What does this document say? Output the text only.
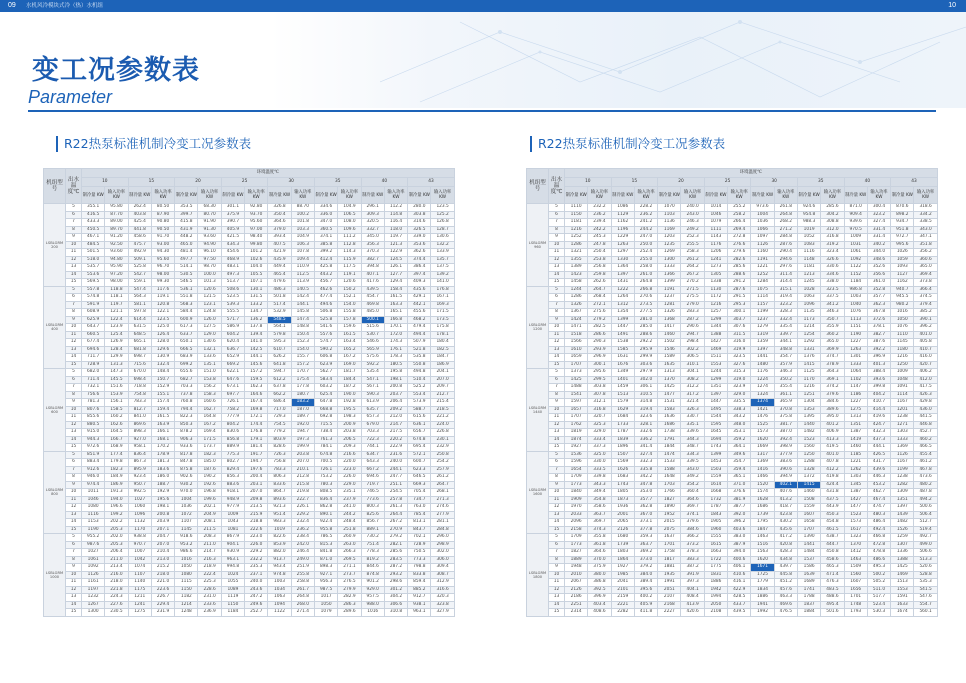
09 水机风冷模块式冷（热）水机组	10
变工况参数表
Parameter
R22热泵标准机制冷变工况参数表	R22热泵标准机制冷变工况参数表
机组型号	出水温度℃	环境温度℃															
		10		15		20		25		30		35		40		43	
		制冷量 KW	输入功率 KW	制冷量 KW	输入功率 KW	制冷量 KW	输入功率 KW	制冷量 KW	输入功率 KW	制冷量 KW	输入功率 KW	制冷量 KW	输入功率 KW	制冷量 KW	输入功率 KW	制冷量 KW	输入功率 KW
LSBLGRM 200	5	355.1	95.80	262.4	80.50	353.5	68.30	301.1	92.80	326.8	88.70	334.6	104.9	296.1	112.2	280.0	123.5
	6	416.5	87.70	403.8	87.90	399.7	80.70	375.9	93.70	350.4	100.2	336.0	106.5	309.3	114.8	303.8	125.2
	7	433.3	89.00	425.4	90.80	415.8	91.90	390.7	95.60	364.6	101.8	347.0	108.0	320.5	116.4	314.6	126.8
	8	450.5	89.70	441.8	90.50	431.9	91.30	405.9	97.00	379.0	103.3	360.5	109.6	332.7	118.0	326.5	128.7
	9	467.1	91.20	458.6	91.70	448.2	93.60	421.5	98.40	393.4	104.9	374.1	111.2	345.0	119.7	339.0	130.6
	10	484.5	92.50	475.7	93.00	465.0	94.90	434.3	99.80	407.5	106.3	385.8	112.8	356.3	121.3	353.6	132.2
	11	501.5	93.60	492.9	94.30	481.4	96.10	454.6	101.2	421.9	107.8	399.2	114.3	370.3	122.9	362.6	133.9
	12	518.0	94.80	509.1	95.60	497.7	97.50	468.9	102.6	435.9	109.4	412.4	115.9	382.7	124.5	374.4	135.7
	13	535.7	95.90	525.8	96.70	514.1	98.70	483.1	104.0	449.4	110.9	425.8	117.5	394.8	126.1	386.4	137.5
	14	553.6	97.20	542.7	98.00	530.5	100.0	497.3	105.5	465.4	112.5	443.2	119.1	407.1	127.7	397.4	139.2
	15	569.5	98.00	559.1	99.30	546.5	101.3	513.7	107.1	479.6	113.9	456.7	120.6	417.6	129.4	409.3	141.0
LSBLGRM 400	5	557.8	118.8	547.4	117.6	536.1	120.6	508.6	130.1	486.3	140.5	462.6	150.2	439.5	158.4	435.6	176.8
	6	574.8	118.1	564.3	119.1	551.8	121.5	523.5	131.5	501.8	142.4	477.4	152.1	454.7	161.5	429.1	167.1
	7	591.9	119.7	581.1	120.8	568.3	123.1	539.3	133.2	517.4	144.1	494.6	154.0	469.8	163.3	442.1	169.3
	8	608.9	121.1	597.8	122.1	584.4	124.8	555.5	134.7	532.9	145.8	506.8	155.8	485.0	165.1	455.6	171.5
	9	625.9	122.4	614.4	123.5	600.9	126.0	571.7	136.2	548.5	147.4	525.8	157.8	500.1	166.8	468.2	173.5
	10	643.7	123.9	631.5	125.0	617.3	127.5	586.9	137.8	564.1	148.8	541.6	159.6	515.6	170.1	479.4	175.8
	11	660.5	125.4	648.5	126.4	633.7	129.0	604.2	139.4	579.8	150.4	557.6	161.5	530.7	172.0	494.4	178.1
	12	677.4	126.9	665.1	128.0	650.1	130.6	620.4	141.0	595.3	152.3	574.7	163.4	546.6	174.3	507.9	180.4
	13	694.6	128.4	681.8	129.6	666.5	132.1	636.7	142.5	610.7	154.0	590.2	165.2	565.9	176.1	521.8	182.5
	14	711.7	129.9	698.7	130.9	683.9	133.6	652.9	144.1	626.2	155.7	606.8	167.2	575.6	178.3	535.8	184.7
	15	728.9	131.3	715.6	132.4	699.2	135.1	669.2	145.6	641.8	157.2	623.9	169.0	592.2	180.5	550.8	186.9
LSBLGRM 600	5	682.0	147.3	670.0	148.4	655.6	151.0	622.1	157.2	594.7	170.7	562.7	181.7	535.4	195.8	494.8	204.1
	6	711.4	145.5	698.4	150.7	682.7	153.8	647.6	159.5	612.2	175.4	583.4	184.4	547.1	198.1	510.4	207.0
	7	732.1	151.6	718.8	152.9	703.3	156.2	673.1	162.3	637.8	177.8	603.2	187.2	567.1	200.8	525.2	209.7
	8	756.6	153.9	754.8	155.1	737.8	158.3	697.7	164.6	662.2	180.7	625.4	190.0	590.3	203.7	553.4	212.7
	9	781.3	156.1	783.3	157.4	760.8	160.6	726.1	167.4	686.4	183.2	647.8	192.8	613.9	206.4	573.9	215.4
	10	807.6	158.5	812.7	159.4	794.4	162.7	758.2	169.8	717.0	187.0	668.8	195.5	635.7	209.2	588.7	218.5
	11	855.6	160.2	841.0	161.5	822.3	164.8	777.9	172.1	729.3	189.7	692.8	198.3	657.3	212.0	615.6	221.2
	12	880.5	162.6	869.6	163.9	850.3	167.2	804.2	174.4	754.5	192.0	715.5	200.9	679.0	214.7	636.1	224.0
	13	915.0	164.5	898.3	166.1	878.2	169.4	830.6	176.8	779.2	194.7	738.4	203.8	703.3	217.5	656.7	226.8
	14	944.3	166.7	927.0	168.1	906.3	171.5	856.8	179.1	803.9	197.3	761.3	206.5	722.3	220.2	674.8	230.1
	15	972.6	168.9	958.1	170.2	933.6	173.7	889.9	181.4	828.6	199.9	784.1	209.3	744.1	222.9	695.4	232.9
LSBLGRM 800	5	851.9	177.4	836.4	178.9	817.8	182.3	775.3	191.7	726.3	203.8	674.8	216.6	634.7	231.6	572.1	250.8
	6	883.4	179.8	867.3	181.3	847.8	185.0	802.7	194.7	756.8	207.0	700.5	220.0	643.3	240.0	600.7	254.2
	7	912.6	182.3	895.9	183.6	875.8	187.6	829.4	197.6	783.3	210.1	726.1	223.0	667.2	244.1	623.3	257.9
	8	946.0	184.9	923.4	186.0	902.6	190.2	856.3	200.4	806.3	212.8	753.2	226.0	694.6	247.7	646.5	261.2
	9	974.4	186.9	950.7	188.7	930.2	192.6	883.6	203.1	833.6	215.8	780.3	229.0	719.7	251.1	669.3	264.7
	10	1011	191.3	992.5	192.9	970.0	196.8	918.1	207.0	864.7	219.8	808.5	235.1	746.5	254.5	705.4	268.1
	11	1046	194.0	1027	195.6	1004	199.6	948.9	209.8	893.6	222.7	836.4	237.9	773.6	257.8	734.7	271.3
	12	1080	196.6	1060	198.1	1036	202.1	977.9	213.5	921.3	226.1	862.8	241.0	800.3	261.3	763.0	274.6
	13	1116	199.2	1096	200.8	1072	204.9	1009	215.9	951.4	229.2	890.1	244.2	825.6	264.4	785.4	277.9
	14	1153	202.2	1132	203.9	1107	208.1	1043	218.8	983.3	232.4	922.4	248.4	856.7	267.2	813.1	281.1
	15	1190	205.3	1170	207.1	1145	211.5	1081	222.6	1019	236.2	955.8	251.8	889.1	270.9	843.7	284.8
LSBLGRM 1000	5	955.2	202.0	938.8	204.7	918.6	208.3	867.9	223.0	822.6	238.4	786.5	260.9	730.2	279.2	702.1	296.0
	6	987.6	205.3	970.7	207.0	953.2	211.0	904.1	226.0	853.9	242.0	815.3	263.0	751.4	282.1	728.9	298.9
	7	1027	206.4	1007	210.4	986.6	214.7	930.9	229.2	882.0	246.4	841.8	266.3	778.3	285.6	750.5	302.0
	8	1061	211.0	1042	213.0	1016	216.3	963.1	232.2	913.7	249.0	871.0	269.5	819.2	283.5	773.3	306.0
	9	1092	213.4	1074	215.2	1050	218.9	994.8	235.3	943.4	251.9	898.3	271.1	844.6	287.2	798.8	309.4
	10	1126	216.0	1107	218.0	1080	222.4	1024	237.1	974.8	255.8	927.1	273.7	874.8	293.2	833.8	308.7
	11	1161	218.0	1140	221.0	1115	225.3	1055	240.0	1003	258.8	956.3	276.5	901.2	298.6	859.4	312.9
	12	1197	221.8	1175	223.6	1150	228.6	1089	243.6	1034	261.7	987.5	279.9	929.0	301.2	885.2	316.6
	13	1232	224.3	1211	226.7	1182	231.0	1119	247.2	1063	264.8	1017	282.9	957.5	304.2	912.7	320.3
	14	1267	227.6	1241	229.4	1214	233.6	1150	249.6	1094	268.0	1050	286.3	988.0	306.6	938.1	323.8
	15	1300	230.5	1275	231.9	1248	236.9	1184	252.7	1122	271.4	1079	289.6	1016	310.8	963.1	327.9
机组型号	出水温度℃	环境温度℃															
		10		15		20		25		30		35		40		43	
		制冷量 KW	输入功率 KW	制冷量 KW	输入功率 KW	制冷量 KW	输入功率 KW	制冷量 KW	输入功率 KW	制冷量 KW	输入功率 KW	制冷量 KW	输入功率 KW	制冷量 KW	输入功率 KW	制冷量 KW	输入功率 KW
LSBLGRM 960	5	1110	232.2	1086	228.2	1070	240.0	1014	255.2	973.6	261.8	924.6	285.6	871.0	300.4	870.6	318.6
	6	1150	236.2	1129	236.2	1103	243.0	1046	258.2	1004	264.8	954.8	304.2	909.4	323.2	898.2	334.2
	7	1181	239.4	1162	241.2	1136	246.3	1079	266.4	1036	268.2	988.3	308.8	939.6	327.4	934.7	338.5
	8	1216	242.2	1196	244.2	1169	249.2	1111	269.4	1066	271.2	1019	312.0	970.5	331.4	951.8	343.0
	9	1252	245.3	1229	247.0	1203	252.3	1143	272.8	1097	284.8	1052	316.8	1009	331.4	972.7	347.1
	10	1286	247.8	1263	250.0	1235	255.5	1176	276.6	1126	287.6	1083	319.2	1031	340.2	995.6	351.8
	11	1321	250.4	1297	252.4	1269	258.3	1206	279.6	1160	290.4	1116	323.4	1061	344.0	1026	356.2
	12	1355	253.8	1330	255.0	1300	261.2	1241	282.6	1191	294.6	1148	326.6	1092	348.6	1059	360.6
	13	1389	256.8	1364	258.0	1333	264.2	1273	285.6	1221	297.6	1181	330.6	1122	352.6	1093	365.0
	14	1423	259.8	1397	261.0	1366	267.2	1305	288.6	1252	311.4	1213	334.6	1152	356.6	1127	369.4
	15	1458	262.6	1431	264.8	1399	270.2	1338	291.2	1284	314.4	1245	338.0	1184	361.0	1162	373.8
LSBLGRM 1200	5	1244	264.7	1222	266.8	1191	271.5	1130	287.6	1075	315.1	1028	323.5	986.8	352.8	940.7	366.4
	6	1286	268.4	1264	270.6	1237	275.5	1172	291.5	1114	319.4	1063	337.5	1003	357.7	945.5	374.5
	7	1326	272.1	1312	273.5	1281	279.0	1216	295.3	1157	323.2	1096	341.2	1040	362.3	980.2	379.4
	8	1367	275.6	1354	277.5	1326	283.3	1257	300.1	1199	328.3	1135	346.3	1076	367.8	1016	385.2
	9	1424	279.2	1399	281.0	1368	287.2	1299	303.7	1237	332.4	1173	350.7	1113	372.6	1050	390.1
	10	1471	282.5	1447	285.0	1417	290.6	1344	307.6	1279	335.4	1214	355.9	1151	378.1	1076	396.2
	11	1518	286.6	1491	288.6	1460	294.7	1388	311.5	1319	339.7	1254	360.2	1190	382.7	1110	401.0
	12	1566	290.3	1538	292.2	1502	298.4	1427	316.0	1359	344.1	1292	365.0	1227	387.6	1145	405.8
	13	1610	293.9	1585	295.9	1546	302.2	1469	319.9	1397	348.8	1331	369.9	1263	392.2	1180	410.7
	14	1659	296.9	1631	299.9	1589	306.5	1511	323.5	1441	354.7	1376	374.7	1301	396.9	1216	416.0
	15	1707	300.1	1676	303.6	1635	310.1	1553	327.6	1480	357.9	1415	378.9	1333	401.3	1250	420.7
LSBLGRM 1440	5	1373	295.6	1349	297.9	1313	304.1	1244	315.3	1176	346.3	1125	364.3	1064	388.4	1009	406.2
	6	1425	299.5	1401	302.0	1370	308.2	1299	319.0	1224	350.2	1170	369.1	1102	393.6	1048	412.0
	7	1488	303.8	1459	306.1	1425	312.2	1351	323.9	1274	355.4	1216	374.2	1147	399.8	1091	417.5
	8	1541	307.8	1513	310.5	1477	317.2	1397	329.0	1324	361.1	1251	379.6	1186	404.2	1114	426.3
	9	1597	312.1	1579	314.8	1531	321.4	1447	335.5	1374	365.9	1304	384.6	1227	410.7	1167	429.8
	10	1657	316.8	1629	319.4	1583	326.3	1495	338.3	1421	370.8	1353	389.6	1275	414.4	1201	436.0
	11	1707	320.7	1684	323.6	1636	330.7	1544	343.2	1476	375.8	1395	395.0	1313	419.6	1238	441.5
	12	1762	325.3	1733	328.1	1686	335.1	1595	348.0	1525	381.7	1440	401.2	1351	424.7	1271	446.8
	13	1819	329.0	1787	332.6	1738	339.6	1645	353.1	1573	387.0	1482	406.9	1387	432.3	1303	452.7
	14	1874	333.4	1839	336.2	1791	344.3	1694	359.2	1620	392.4	1523	413.3	1419	437.3	1333	460.2
	15	1927	337.3	1896	341.4	1844	348.7	1743	364.1	1669	398.9	1560	419.5	1460	444.1	1369	466.5
LSBLGRM 1600	5	1536	325.0	1507	327.4	1474	334.3	1399	349.6	1317	377.9	1250	401.0	1185	426.5	1126	455.4
	6	1596	330.0	1569	332.3	1533	339.5	1453	354.7	1369	383.6	1288	407.8	1221	431.7	1167	461.2
	7	1654	333.5	1626	335.8	1588	343.0	1503	359.4	1416	390.6	1328	412.2	1262	439.6	1199	467.8
	8	1709	339.8	1683	342.2	1648	349.2	1559	365.1	1466	394.9	1372	419.8	1303	446.3	1238	473.6
	9	1773	343.3	1743	347.8	1703	354.2	1614	371.0	1520	402.1	1415	424.4	1345	453.2	1282	480.2
	10	1840	349.4	1805	353.0	1766	360.4	1668	376.6	1574	407.6	1460	431.8	1387	462.7	1309	487.8
	11	1909	354.8	1873	357.7	1827	364.6	1732	381.9	1628	413.2	1508	437.5	1427	467.4	1351	494.2
	12	1970	358.6	1936	362.8	1890	369.7	1787	387.7	1686	418.7	1559	443.9	1477	474.7	1397	500.6
	13	2033	363.7	2001	367.0	1952	374.1	1843	392.0	1739	423.8	1607	450.3	1523	480.3	1439	506.4
	14	2096	369.7	2065	373.1	2015	379.6	1905	396.2	1795	430.2	1658	454.8	1573	486.4	1482	512.7
	15	2158	374.3	2126	377.8	2075	384.6	1960	403.6	1847	435.6	1707	461.5	1617	492.4	1526	519.4
LSBLGRM 1800	5	1709	355.8	1680	359.3	1637	366.2	1555	383.0	1463	417.2	1390	438.7	1323	466.8	1259	492.7
	6	1773	361.8	1739	363.7	1701	373.2	1615	387.9	1516	420.8	1441	444.7	1370	472.8	1307	499.0
	7	1827	364.6	1803	369.2	1758	378.3	1663	394.0	1563	428.3	1484	450.8	1412	478.8	1336	506.6
	8	1889	370.0	1864	373.0	1817	383.3	1722	400.6	1620	434.8	1537	458.6	1463	486.6	1388	513.3
	9	1948	375.9	1927	379.2	1881	387.2	1775	406.1	1671	439.7	1586	465.3	1509	495.3	1425	520.6
	10	2010	380.0	1985	384.0	1935	391.9	1831	410.6	1725	445.8	1639	471.4	1560	500.2	1469	528.8
	11	2067	386.8	2041	389.4	1991	397.3	1886	416.1	1779	451.2	1689	476.3	1607	505.2	1513	535.3
	12	2126	392.5	2101	395.6	2051	404.1	1942	422.9	1834	457.6	1741	483.5	1656	511.0	1553	541.5
	13	2186	396.9	2159	400.2	2107	408.4	1994	428.5	1886	463.3	1788	488.6	1701	517.7	1591	547.6
	14	2251	403.4	2221	405.9	2168	413.9	2050	433.7	1941	469.6	1837	495.4	1748	523.4	1633	554.7
	15	2314	408.6	2282	411.8	2227	420.6	2108	439.5	1992	476.5	1884	501.6	1793	530.3	1674	560.1
